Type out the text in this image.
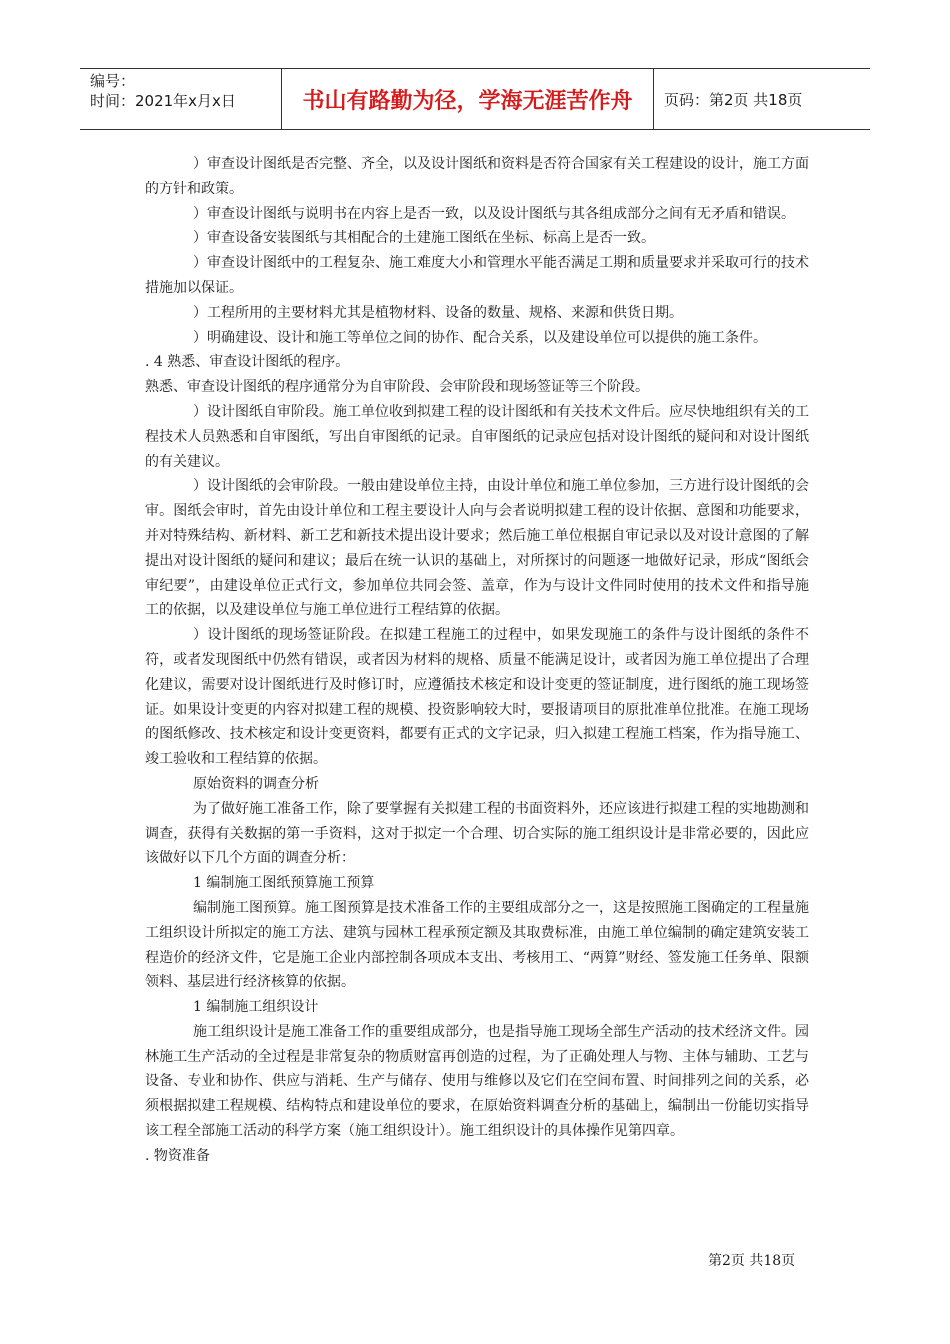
编号：
时间：2021年x月x日	书山有路勤为径，学海无涯苦作舟	页码：第2页 共18页

）审查设计图纸是否完整、齐全，以及设计图纸和资料是否符合国家有关工程建设的设计，施工方面的方针和政策。

）审查设计图纸与说明书在内容上是否一致，以及设计图纸与其各组成部分之间有无矛盾和错误。

）审查设备安装图纸与其相配合的土建施工图纸在坐标、标高上是否一致。

）审查设计图纸中的工程复杂、施工难度大小和管理水平能否满足工期和质量要求并采取可行的技术措施加以保证。

）工程所用的主要材料尤其是植物材料、设备的数量、规格、来源和供货日期。

）明确建设、设计和施工等单位之间的协作、配合关系，以及建设单位可以提供的施工条件。

. 4 熟悉、审查设计图纸的程序。

熟悉、审查设计图纸的程序通常分为自审阶段、会审阶段和现场签证等三个阶段。

）设计图纸自审阶段。施工单位收到拟建工程的设计图纸和有关技术文件后。应尽快地组织有关的工程技术人员熟悉和自审图纸，写出自审图纸的记录。自审图纸的记录应包括对设计图纸的疑问和对设计图纸的有关建议。

）设计图纸的会审阶段。一般由建设单位主持，由设计单位和施工单位参加，三方进行设计图纸的会审。图纸会审时，首先由设计单位和工程主要设计人向与会者说明拟建工程的设计依据、意图和功能要求，并对特殊结构、新材料、新工艺和新技术提出设计要求；然后施工单位根据自审记录以及对设计意图的了解提出对设计图纸的疑问和建议；最后在统一认识的基础上，对所探讨的问题逐一地做好记录，形成“图纸会审纪要”，由建设单位正式行文，参加单位共同会签、盖章，作为与设计文件同时使用的技术文件和指导施工的依据，以及建设单位与施工单位进行工程结算的依据。

）设计图纸的现场签证阶段。在拟建工程施工的过程中，如果发现施工的条件与设计图纸的条件不符，或者发现图纸中仍然有错误，或者因为材料的规格、质量不能满足设计，或者因为施工单位提出了合理化建议，需要对设计图纸进行及时修订时，应遵循技术核定和设计变更的签证制度，进行图纸的施工现场签证。如果设计变更的内容对拟建工程的规模、投资影响较大时，要报请项目的原批准单位批准。在施工现场的图纸修改、技术核定和设计变更资料，都要有正式的文字记录，归入拟建工程施工档案，作为指导施工、竣工验收和工程结算的依据。

原始资料的调查分析

为了做好施工准备工作，除了要掌握有关拟建工程的书面资料外，还应该进行拟建工程的实地勘测和调查，获得有关数据的第一手资料，这对于拟定一个合理、切合实际的施工组织设计是非常必要的，因此应该做好以下几个方面的调查分析：

1 编制施工图纸预算施工预算

编制施工图预算。施工图预算是技术准备工作的主要组成部分之一，这是按照施工图确定的工程量施工组织设计所拟定的施工方法、建筑与园林工程承预定额及其取费标准，由施工单位编制的确定建筑安装工程造价的经济文件，它是施工企业内部控制各项成本支出、考核用工、“两算”财经、签发施工任务单、限额领料、基层进行经济核算的依据。

1 编制施工组织设计

施工组织设计是施工准备工作的重要组成部分，也是指导施工现场全部生产活动的技术经济文件。园林施工生产活动的全过程是非常复杂的物质财富再创造的过程，为了正确处理人与物、主体与辅助、工艺与设备、专业和协作、供应与消耗、生产与储存、使用与维修以及它们在空间布置、时间排列之间的关系，必须根据拟建工程规模、结构特点和建设单位的要求，在原始资料调查分析的基础上，编制出一份能切实指导该工程全部施工活动的科学方案（施工组织设计）。施工组织设计的具体操作见第四章。

. 物资准备

第2页 共18页
